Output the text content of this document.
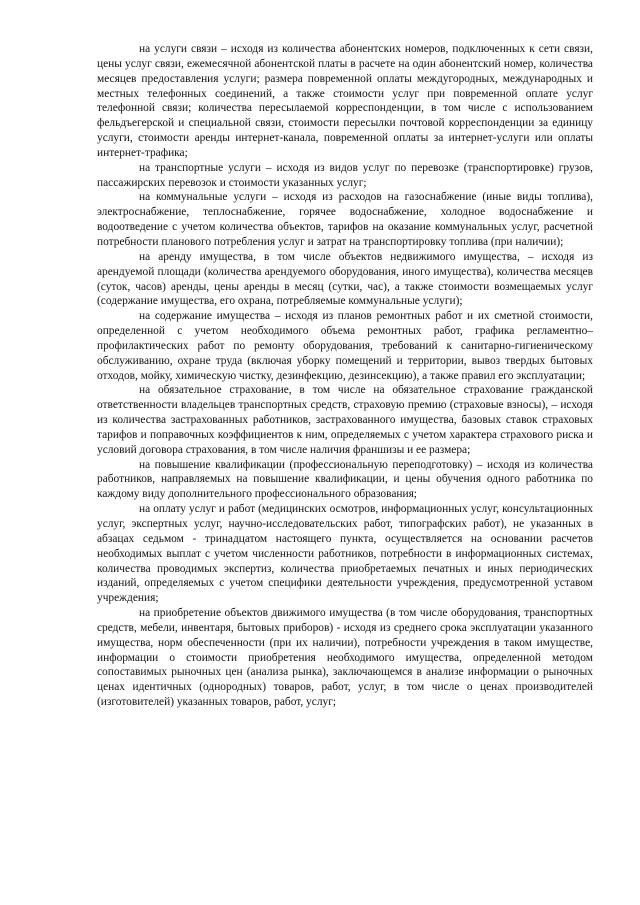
на услуги связи – исходя из количества абонентских номеров, подключенных к сети связи, цены услуг связи, ежемесячной абонентской платы в расчете на один абонентский номер, количества месяцев предоставления услуги; размера повременной оплаты междугородных, международных и местных телефонных соединений, а также стоимости услуг при повременной оплате услуг телефонной связи; количества пересылаемой корреспонденции, в том числе с использованием фельдъегерской и специальной связи, стоимости пересылки почтовой корреспонденции за единицу услуги, стоимости аренды интернет-канала, повременной оплаты за интернет-услуги или оплаты интернет-трафика;

на транспортные услуги – исходя из видов услуг по перевозке (транспортировке) грузов, пассажирских перевозок и стоимости указанных услуг;

на коммунальные услуги – исходя из расходов на газоснабжение (иные виды топлива), электроснабжение, теплоснабжение, горячее водоснабжение, холодное водоснабжение и водоотведение с учетом количества объектов, тарифов на оказание коммунальных услуг, расчетной потребности планового потребления услуг и затрат на транспортировку топлива (при наличии);

на аренду имущества, в том числе объектов недвижимого имущества, – исходя из арендуемой площади (количества арендуемого оборудования, иного имущества), количества месяцев (суток, часов) аренды, цены аренды в месяц (сутки, час), а также стоимости возмещаемых услуг (содержание имущества, его охрана, потребляемые коммунальные услуги);

на содержание имущества – исходя из планов ремонтных работ и их сметной стоимости, определенной с учетом необходимого объема ремонтных работ, графика регламентно–профилактических работ по ремонту оборудования, требований к санитарно-гигиеническому обслуживанию, охране труда (включая уборку помещений и территории, вывоз твердых бытовых отходов, мойку, химическую чистку, дезинфекцию, дезинсекцию), а также правил его эксплуатации;

на обязательное страхование, в том числе на обязательное страхование гражданской ответственности владельцев транспортных средств, страховую премию (страховые взносы), – исходя из количества застрахованных работников, застрахованного имущества, базовых ставок страховых тарифов и поправочных коэффициентов к ним, определяемых с учетом характера страхового риска и условий договора страхования, в том числе наличия франшизы и ее размера;

на повышение квалификации (профессиональную переподготовку) – исходя из количества работников, направляемых на повышение квалификации, и цены обучения одного работника по каждому виду дополнительного профессионального образования;

на оплату услуг и работ (медицинских осмотров, информационных услуг, консультационных услуг, экспертных услуг, научно-исследовательских работ, типографских работ), не указанных в абзацах седьмом - тринадцатом настоящего пункта, осуществляется на основании расчетов необходимых выплат с учетом численности работников, потребности в информационных системах, количества проводимых экспертиз, количества приобретаемых печатных и иных периодических изданий, определяемых с учетом специфики деятельности учреждения, предусмотренной уставом учреждения;

на приобретение объектов движимого имущества (в том числе оборудования, транспортных средств, мебели, инвентаря, бытовых приборов) - исходя из среднего срока эксплуатации указанного имущества, норм обеспеченности (при их наличии), потребности учреждения в таком имуществе, информации о стоимости приобретения необходимого имущества, определенной методом сопоставимых рыночных цен (анализа рынка), заключающемся в анализе информации о рыночных ценах идентичных (однородных) товаров, работ, услуг, в том числе о ценах производителей (изготовителей) указанных товаров, работ, услуг;
